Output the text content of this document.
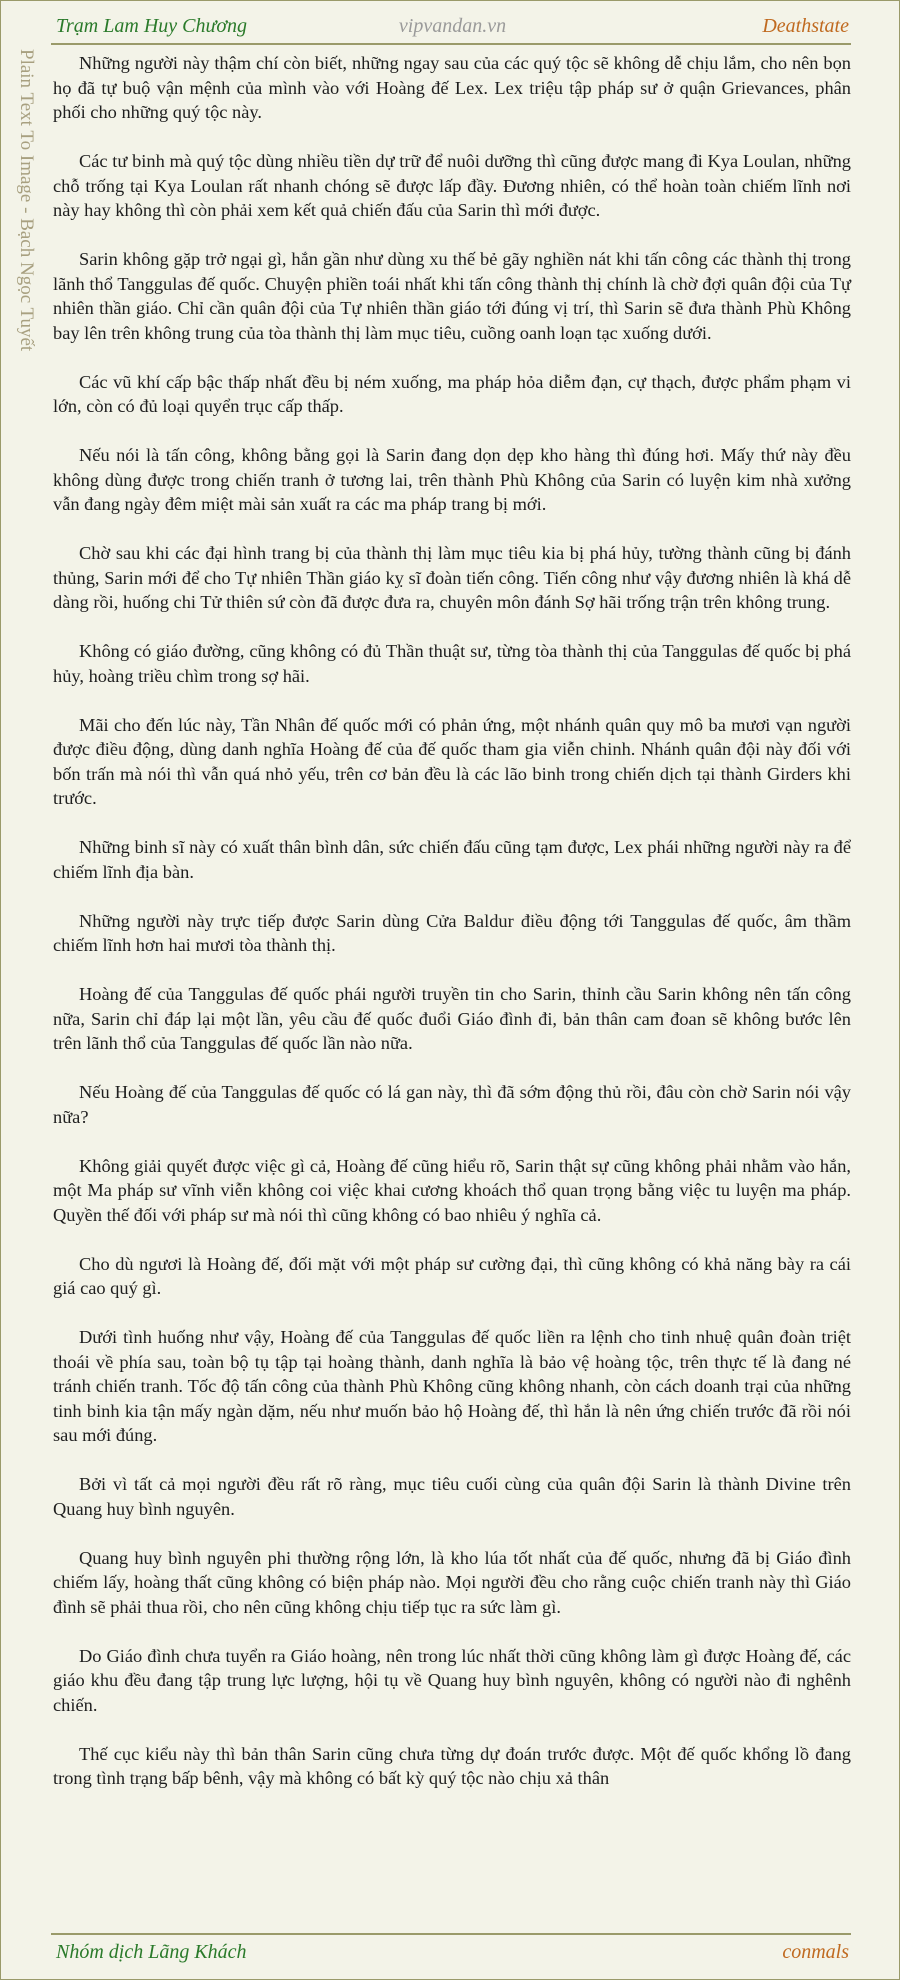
Trạm Lam Huy Chương	vipvandan.vn	Deathstate
Plain Text To Image - Bạch Ngọc Tuyết	Những người này thậm chí còn biết, những ngay sau của các quý tộc sẽ không dễ chịu lắm, cho nên bọn họ đã tự buộ vận mệnh của mình vào với Hoàng đế Lex. Lex triệu tập pháp sư ở quận Grievances, phân phối cho những quý tộc này.

Các tư binh mà quý tộc dùng nhiều tiền dự trữ để nuôi dưỡng thì cũng được mang đi Kya Loulan, những chỗ trống tại Kya Loulan rất nhanh chóng sẽ được lấp đầy. Đương nhiên, có thể hoàn toàn chiếm lĩnh nơi này hay không thì còn phải xem kết quả chiến đấu của Sarin thì mới được.

Sarin không gặp trở ngại gì, hắn gần như dùng xu thế bẻ gãy nghiền nát khi tấn công các thành thị trong lãnh thổ Tanggulas đế quốc. Chuyện phiền toái nhất khi tấn công thành thị chính là chờ đợi quân đội của Tự nhiên thần giáo. Chỉ cần quân đội của Tự nhiên thần giáo tới đúng vị trí, thì Sarin sẽ đưa thành Phù Không bay lên trên không trung của tòa thành thị làm mục tiêu, cuồng oanh loạn tạc xuống dưới.

Các vũ khí cấp bậc thấp nhất đều bị ném xuống, ma pháp hỏa diễm đạn, cự thạch, được phẩm phạm vi lớn, còn có đủ loại quyển trục cấp thấp.

Nếu nói là tấn công, không bằng gọi là Sarin đang dọn dẹp kho hàng thì đúng hơi. Mấy thứ này đều không dùng được trong chiến tranh ở tương lai, trên thành Phù Không của Sarin có luyện kim nhà xưởng vẫn đang ngày đêm miệt mài sản xuất ra các ma pháp trang bị mới.

Chờ sau khi các đại hình trang bị của thành thị làm mục tiêu kia bị phá hủy, tường thành cũng bị đánh thủng, Sarin mới để cho Tự nhiên Thần giáo kỵ sĩ đoàn tiến công. Tiến công như vậy đương nhiên là khá dễ dàng rồi, huống chi Tử thiên sứ còn đã được đưa ra, chuyên môn đánh Sợ hãi trống trận trên không trung.

Không có giáo đường, cũng không có đủ Thần thuật sư, từng tòa thành thị của Tanggulas đế quốc bị phá hủy, hoàng triều chìm trong sợ hãi.

Mãi cho đến lúc này, Tần Nhân đế quốc mới có phản ứng, một nhánh quân quy mô ba mươi vạn người được điều động, dùng danh nghĩa Hoàng đế của đế quốc tham gia viễn chinh. Nhánh quân đội này đối với bốn trấn mà nói thì vẫn quá nhỏ yếu, trên cơ bản đều là các lão binh trong chiến dịch tại thành Girders khi trước.

Những binh sĩ này có xuất thân bình dân, sức chiến đấu cũng tạm được, Lex phái những người này ra để chiếm lĩnh địa bàn.

Những người này trực tiếp được Sarin dùng Cửa Baldur điều động tới Tanggulas đế quốc, âm thầm chiếm lĩnh hơn hai mươi tòa thành thị.

Hoàng đế của Tanggulas đế quốc phái người truyền tin cho Sarin, thỉnh cầu Sarin không nên tấn công nữa, Sarin chỉ đáp lại một lần, yêu cầu đế quốc đuổi Giáo đình đi, bản thân cam đoan sẽ không bước lên trên lãnh thổ của Tanggulas đế quốc lần nào nữa.

Nếu Hoàng đế của Tanggulas đế quốc có lá gan này, thì đã sớm động thủ rồi, đâu còn chờ Sarin nói vậy nữa?

Không giải quyết được việc gì cả, Hoàng đế cũng hiểu rõ, Sarin thật sự cũng không phải nhằm vào hắn, một Ma pháp sư vĩnh viễn không coi việc khai cương khoách thổ quan trọng bằng việc tu luyện ma pháp. Quyền thế đối với pháp sư mà nói thì cũng không có bao nhiêu ý nghĩa cả.

Cho dù ngươi là Hoàng đế, đối mặt với một pháp sư cường đại, thì cũng không có khả năng bày ra cái giá cao quý gì.

Dưới tình huống như vậy, Hoàng đế của Tanggulas đế quốc liền ra lệnh cho tinh nhuệ quân đoàn triệt thoái về phía sau, toàn bộ tụ tập tại hoàng thành, danh nghĩa là bảo vệ hoàng tộc, trên thực tế là đang né tránh chiến tranh. Tốc độ tấn công của thành Phù Không cũng không nhanh, còn cách doanh trại của những tinh binh kia tận mấy ngàn dặm, nếu như muốn bảo hộ Hoàng đế, thì hắn là nên ứng chiến trước đã rồi nói sau mới đúng.

Bởi vì tất cả mọi người đều rất rõ ràng, mục tiêu cuối cùng của quân đội Sarin là thành Divine trên Quang huy bình nguyên.

Quang huy bình nguyên phi thường rộng lớn, là kho lúa tốt nhất của đế quốc, nhưng đã bị Giáo đình chiếm lấy, hoàng thất cũng không có biện pháp nào. Mọi người đều cho rằng cuộc chiến tranh này thì Giáo đình sẽ phải thua rồi, cho nên cũng không chịu tiếp tục ra sức làm gì.

Do Giáo đình chưa tuyển ra Giáo hoàng, nên trong lúc nhất thời cũng không làm gì được Hoàng đế, các giáo khu đều đang tập trung lực lượng, hội tụ về Quang huy bình nguyên, không có người nào đi nghênh chiến.

Thế cục kiểu này thì bản thân Sarin cũng chưa từng dự đoán trước được. Một đế quốc khổng lồ đang trong tình trạng bấp bênh, vậy mà không có bất kỳ quý tộc nào chịu xả thân

Nhóm dịch Lãng Khách	conmals
